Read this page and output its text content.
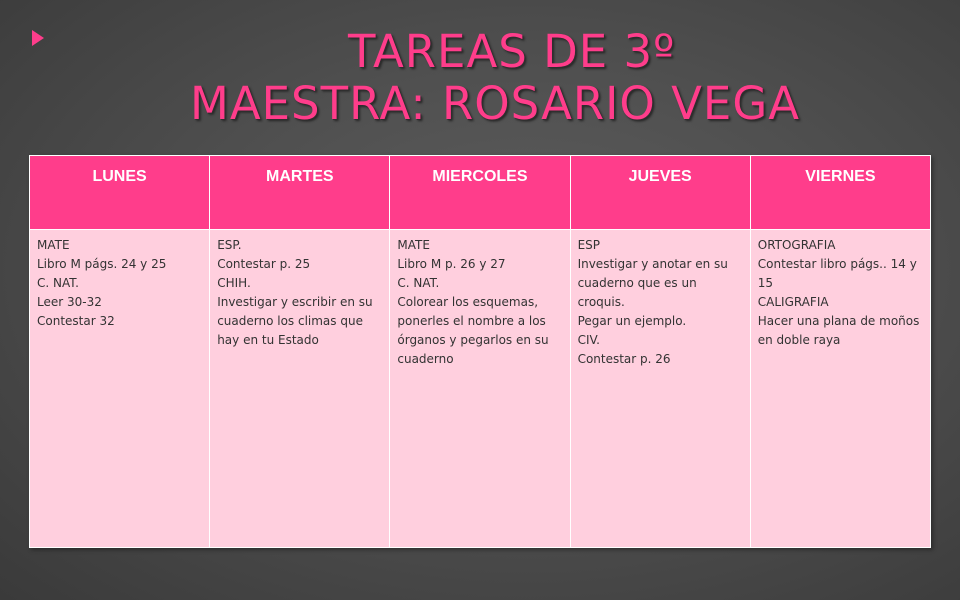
TAREAS DE 3º
MAESTRA: ROSARIO VEGA
LUNES	MARTES	MIERCOLES	JUEVES	VIERNES

MATE
Libro M págs. 24 y 25
C. NAT.
Leer 30-32
Contestar 32	ESP.
Contestar p. 25
CHIH.
Investigar y escribir en su cuaderno los climas que hay en tu Estado	MATE
Libro M p. 26 y 27
C. NAT.
Colorear los esquemas, ponerles el nombre a los órganos y pegarlos en su cuaderno	ESP
Investigar y anotar en su cuaderno que es un croquis.
Pegar un ejemplo.
CIV.
Contestar p. 26	ORTOGRAFIA
Contestar libro págs.. 14 y 15
CALIGRAFIA
Hacer una plana de moños en doble raya
